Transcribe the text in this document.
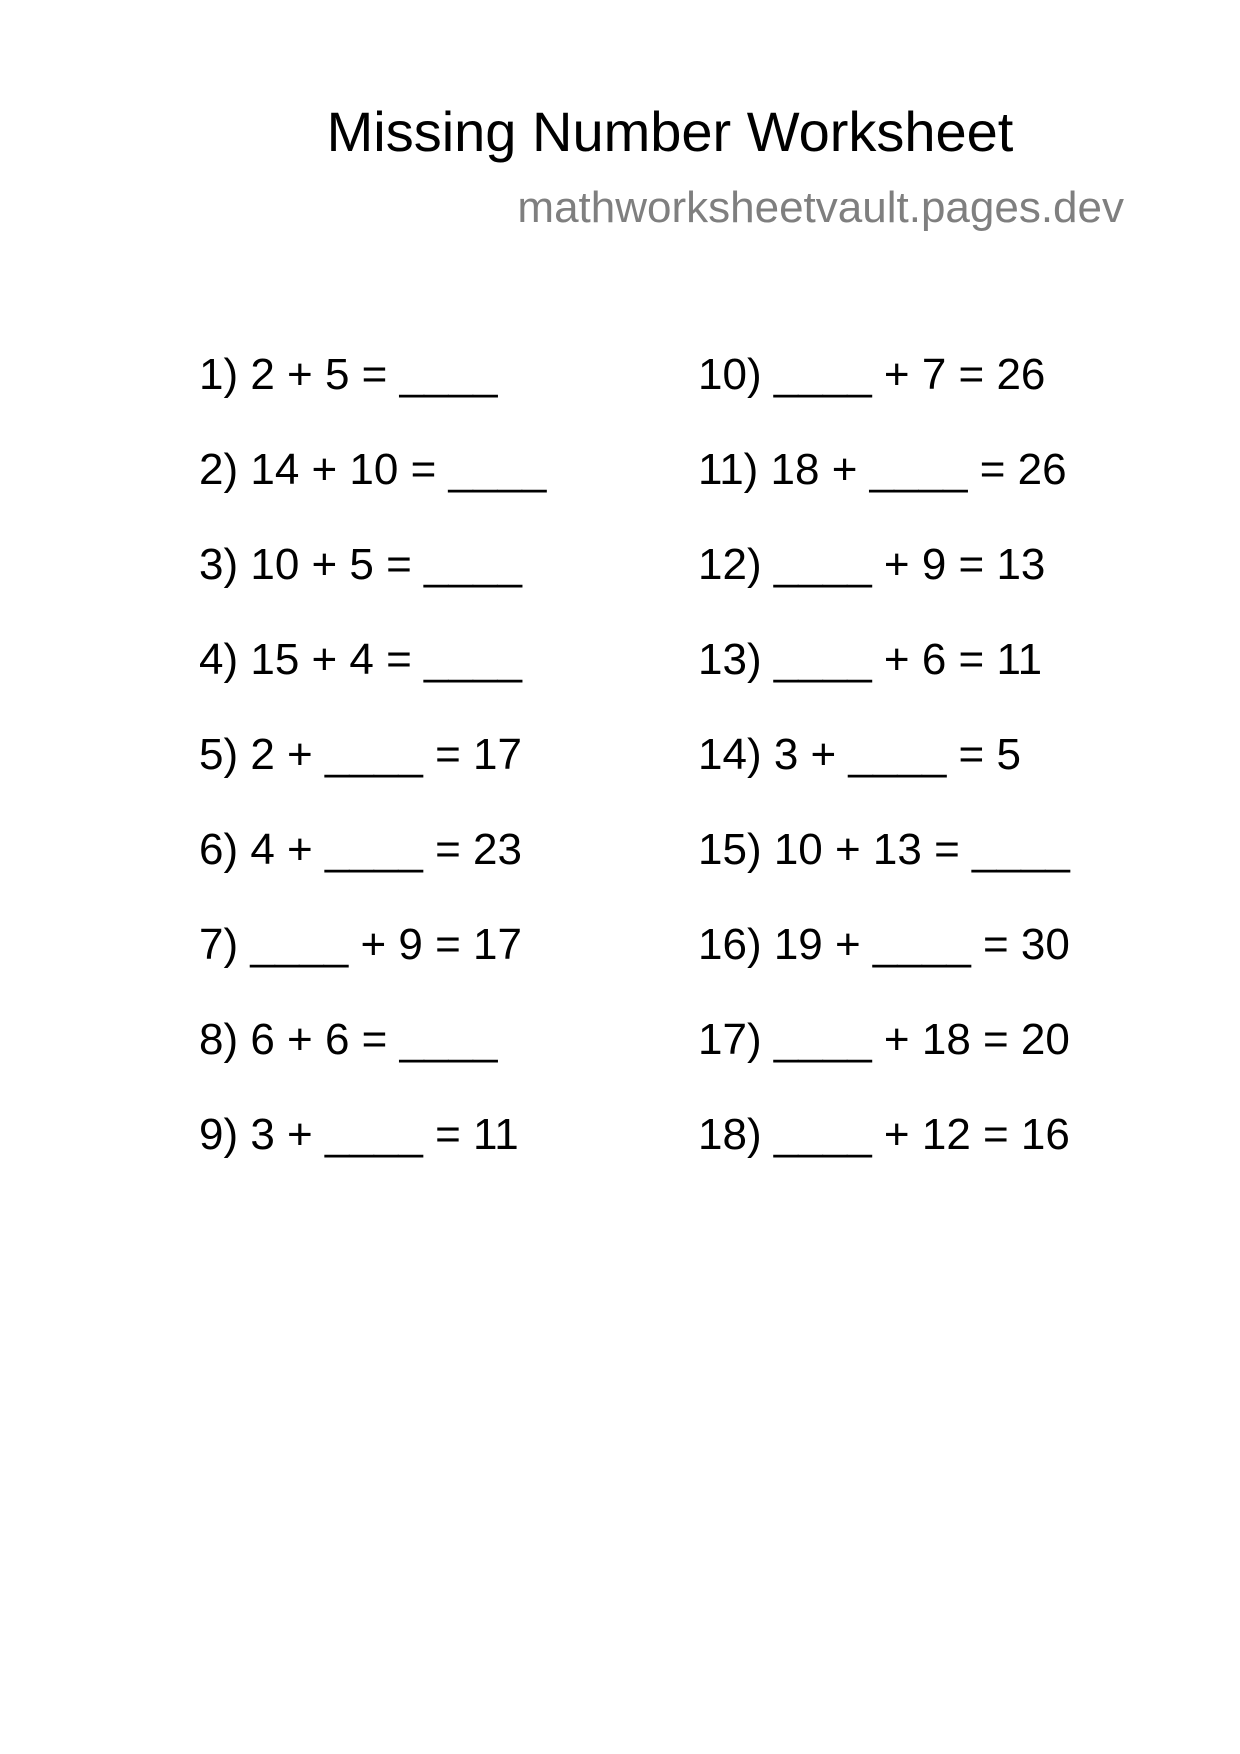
Missing Number Worksheet
mathworksheetvault.pages.dev
1) 2 + 5 = ____
2) 14 + 10 = ____
3) 10 + 5 = ____
4) 15 + 4 = ____
5) 2 + ____ = 17
6) 4 + ____ = 23
7) ____ + 9 = 17
8) 6 + 6 = ____
9) 3 + ____ = 11
10) ____ + 7 = 26
11) 18 + ____ = 26
12) ____ + 9 = 13
13) ____ + 6 = 11
14) 3 + ____ = 5
15) 10 + 13 = ____
16) 19 + ____ = 30
17) ____ + 18 = 20
18) ____ + 12 = 16
